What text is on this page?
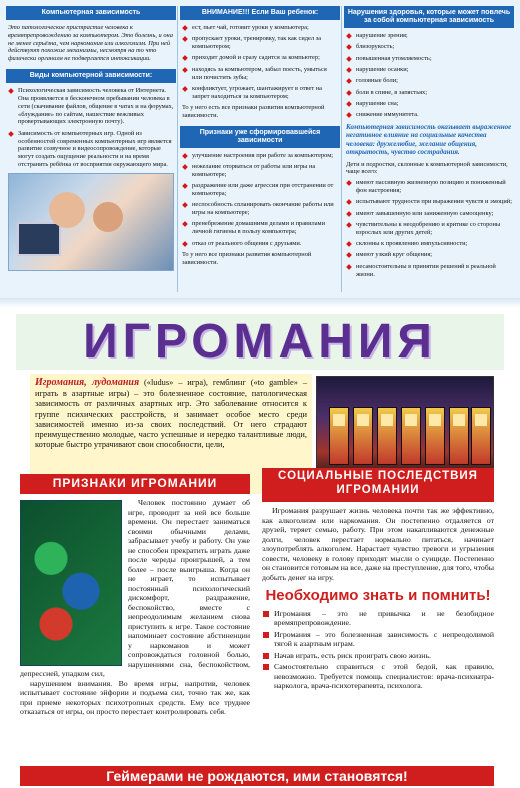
Компьютерная зависимость

Это патологическое пристрастие человека к времяпрепровождению за компьютером. Это болезнь, и она не менее серьёзна, чем наркомания или алкоголизм. При ней действуют похожие механизмы, несмотря на то что физически организм не подвергается интоксикации.

Виды компьютерной зависимости:
Психологическая зависимость человека от Интернета. Она проявляется в бесконечном пребывании человека в сети (скачивание файлов, общение в чатах и на форумах, «блуждание» по сайтам, нашествие вежливых провертывающих электронную почту).
Зависимость от компьютерных игр. Одной из особенностей современных компьютерных игр является развитие созвучное и видеосопровождение, которые могут создать ощущение реальности и на время отстранить ребёнка от восприятия окружающего мира.
ВНИМАНИЕ!!! Если Ваш ребенок:
ест, пьет чай, готовит уроки у компьютера;
пропускает уроки, тренировку, так как сидел за компьютером;
приходит домой и сразу садится за компьютер;
находясь за компьютером, забыл поесть, умыться или почистить зубы;
конфликтует, угрожает, шантажирует в ответ на запрет находиться за компьютером;

То у него есть все признаки развития компьютерной зависимости.

Признаки уже сформировавшейся зависимости
улучшение настроения при работе за компьютером;
нежелание оторваться от работы или игры на компьютере;
раздражение или даже агрессия при отстранении от компьютера;
неспособность спланировать окончание работы или игры на компьютере;
пренебрежение домашними делами и правилами личной гигиены в пользу компьютера;
отказ от реального общения с друзьями.

То у него все признаки развития компьютерной зависимости.

Нарушения здоровья, которые может повлечь за собой компьютерная зависимость
нарушение зрения;
близорукость;
повышенная утомляемость;
нарушение осанки;
головные боли;
боли в спине, в запястьях;
нарушение сна;
снижение иммунитета.

Компьютерная зависимость оказывает выраженное негативное влияние на социальные качества человека: дружелюбие, желание общения, открытость, чувство сострадания.

Дети и подростки, склонные к компьютерной зависимости, чаще всего:

имеют пассивную жизненную позицию и пониженный фон настроения;
испытывают трудности при выражении чувств и эмоций;
имеют завышенную или заниженную самооценку;
чувствительны к неодобрению и критике со стороны взрослых или других детей;
склонны к проявлению импульсивности;
имеют узкий круг общения;
несамостоятельны в принятии решений в реальной жизни.
ИГРОМАНИЯ
Игромания, лудомания («ludus» – игра), гемблинг («to gamble» – играть в азартные игры) – это болезненное состояние, патологическая зависимость от различных азартных игр. Это заболевание относится к группе психических расстройств, и занимает особое место среди зависимостей именно из-за своих последствий. От него страдают преимущественно молодые, часто успешные и нередко талантливые люди, которые быстро утрачивают свои способности, цели,
ПРИЗНАКИ ИГРОМАНИИ	СОЦИАЛЬНЫЕ ПОСЛЕДСТВИЯ ИГРОМАНИИ

Человек постоянно думает об игре, проводит за ней все больше времени. Он перестает заниматься своими обычными делами, забрасывает учебу и работу. Он уже не способен прекратить играть даже после череды проигрышей, а тем более – после выигрыша. Когда он не играет, то испытывает постоянный психологический дискомфорт, раздражение, беспокойство, вместе с непреодолимым желанием снова приступить к игре. Такое состояние напоминает состояние абстиненции у наркоманов и может сопровождаться головной болью, нарушениями сна, беспокойством, депрессией, упадком сил,

нарушением внимания. Во время игры, напротив, человек испытывает состояние эйфории и подъема сил, точно так же, как при приеме некоторых психотропных средств. Ему все труднее отказаться от игры, он просто перестает контролировать себя.

Игромания разрушает жизнь человека почти так же эффективно, как алкоголизм или наркомания. Он постепенно отдаляется от друзей, теряет семью, работу. При этом накапливаются денежные долги, человек перестает нормально питаться, начинает злоупотреблять алкоголем. Нарастает чувство тревоги и угрызения совести, человеку в голову приходят мысли о суициде. Постепенно он становится готовым на все, даже на преступление, для того, чтобы добыть денег на игру.

Необходимо знать и помнить!
Игромания – это не привычка и не безобидное времяпрепровождение.
Игромания – это болезненная зависимость с непреодолимой тягой к азартным играм.
Начав играть, есть риск проиграть свою жизнь.
Самостоятельно справиться с этой бедой, как правило, невозможно. Требуется помощь специалистов: врача-психиатра-нарколога, врача-психотерапевта, психолога.
Геймерами не рождаются, ими становятся!
